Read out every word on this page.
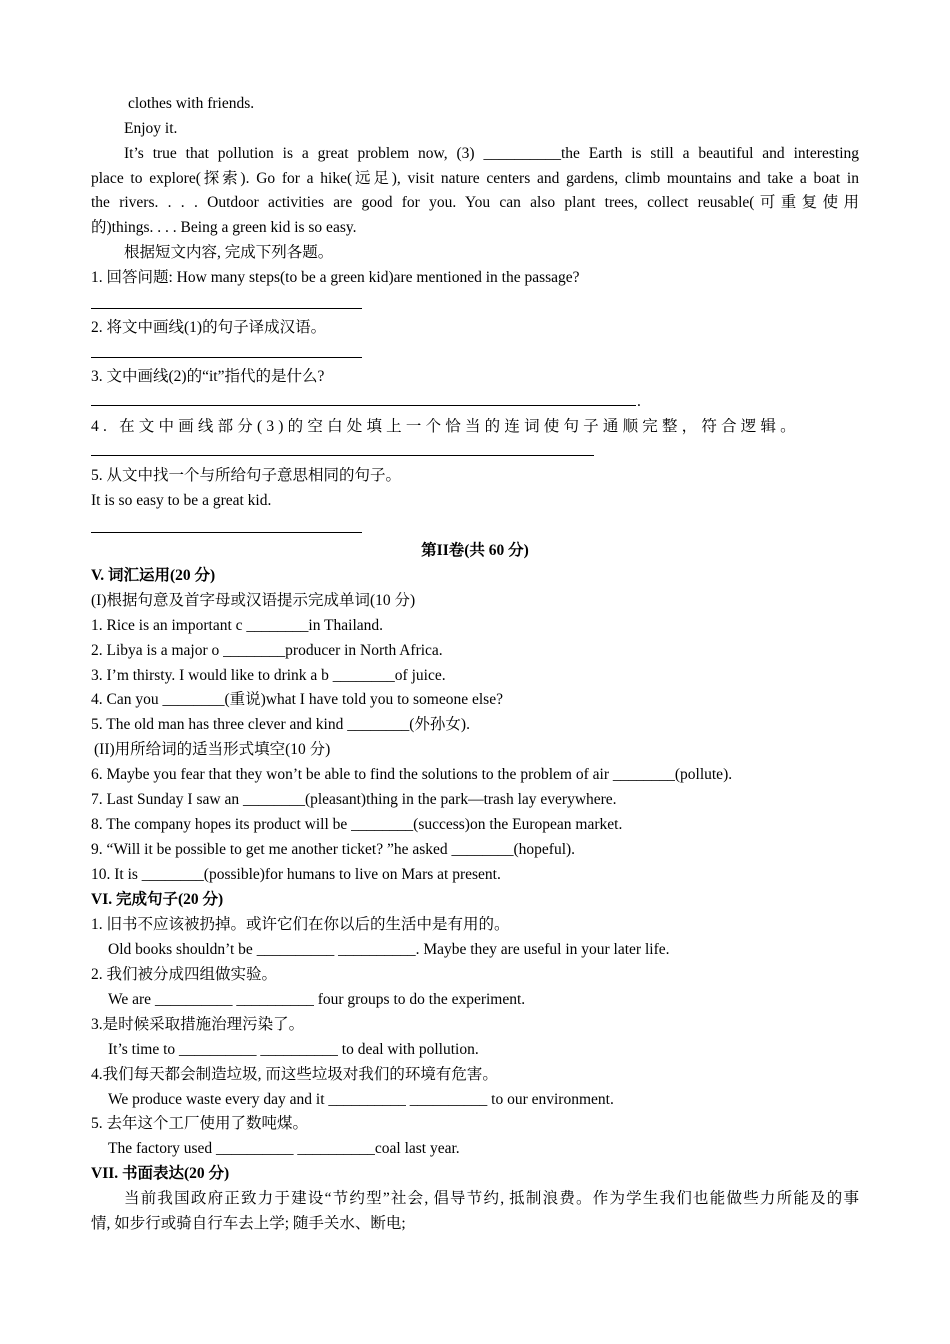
clothes with friends.
Enjoy it.
It’s true that pollution is a great problem now, (3) __________the Earth is still a beautiful and interesting
place to explore(探索). Go for a hike(远足), visit nature centers and gardens, climb mountains and take a boat in
the rivers. . . . Outdoor activities are good for you. You can also plant trees, collect reusable(可重复使用
的)things. . . . Being a green kid is so easy.
根据短文内容, 完成下列各题。
1. 回答问题: How many steps(to be a green kid)are mentioned in the passage?
2. 将文中画线(1)的句子译成汉语。
3. 文中画线(2)的“it”指代的是什么?
.
4. 在文中画线部分(3)的空白处填上一个恰当的连词使句子通顺完整，符合逻辑。
5. 从文中找一个与所给句子意思相同的句子。
It is so easy to be a great kid.
第II卷(共 60 分)
V. 词汇运用(20 分)
(I)根据句意及首字母或汉语提示完成单词(10 分)
1. Rice is an important c ________in Thailand.
2. Libya is a major o ________producer in North Africa.
3. I’m thirsty. I would like to drink a b ________of juice.
4. Can you ________(重说)what I have told you to someone else?
5. The old man has three clever and kind ________(外孙女).
(II)用所给词的适当形式填空(10 分)
6. Maybe you fear that they won’t be able to find the solutions to the problem of air ________(pollute).
7. Last Sunday I saw an ________(pleasant)thing in the park—trash lay everywhere.
8. The company hopes its product will be ________(success)on the European market.
9. “Will it be possible to get me another ticket? ”he asked ________(hopeful).
10. It is ________(possible)for humans to live on Mars at present.
VI. 完成句子(20 分)
1. 旧书不应该被扔掉。或许它们在你以后的生活中是有用的。
Old books shouldn’t be __________ __________. Maybe they are useful in your later life.
2. 我们被分成四组做实验。
We are __________ __________ four groups to do the experiment.
3.是时候采取措施治理污染了。
It’s time to __________ __________ to deal with pollution.
4.我们每天都会制造垃圾, 而这些垃圾对我们的环境有危害。
We produce waste every day and it __________ __________ to our environment.
5. 去年这个工厂使用了数吨煤。
The factory used __________ __________coal last year.
VII. 书面表达(20 分)
当前我国政府正致力于建设“节约型”社会, 倡导节约, 抵制浪费。作为学生我们也能做些力所能及的事
情, 如步行或骑自行车去上学; 随手关水、断电;
